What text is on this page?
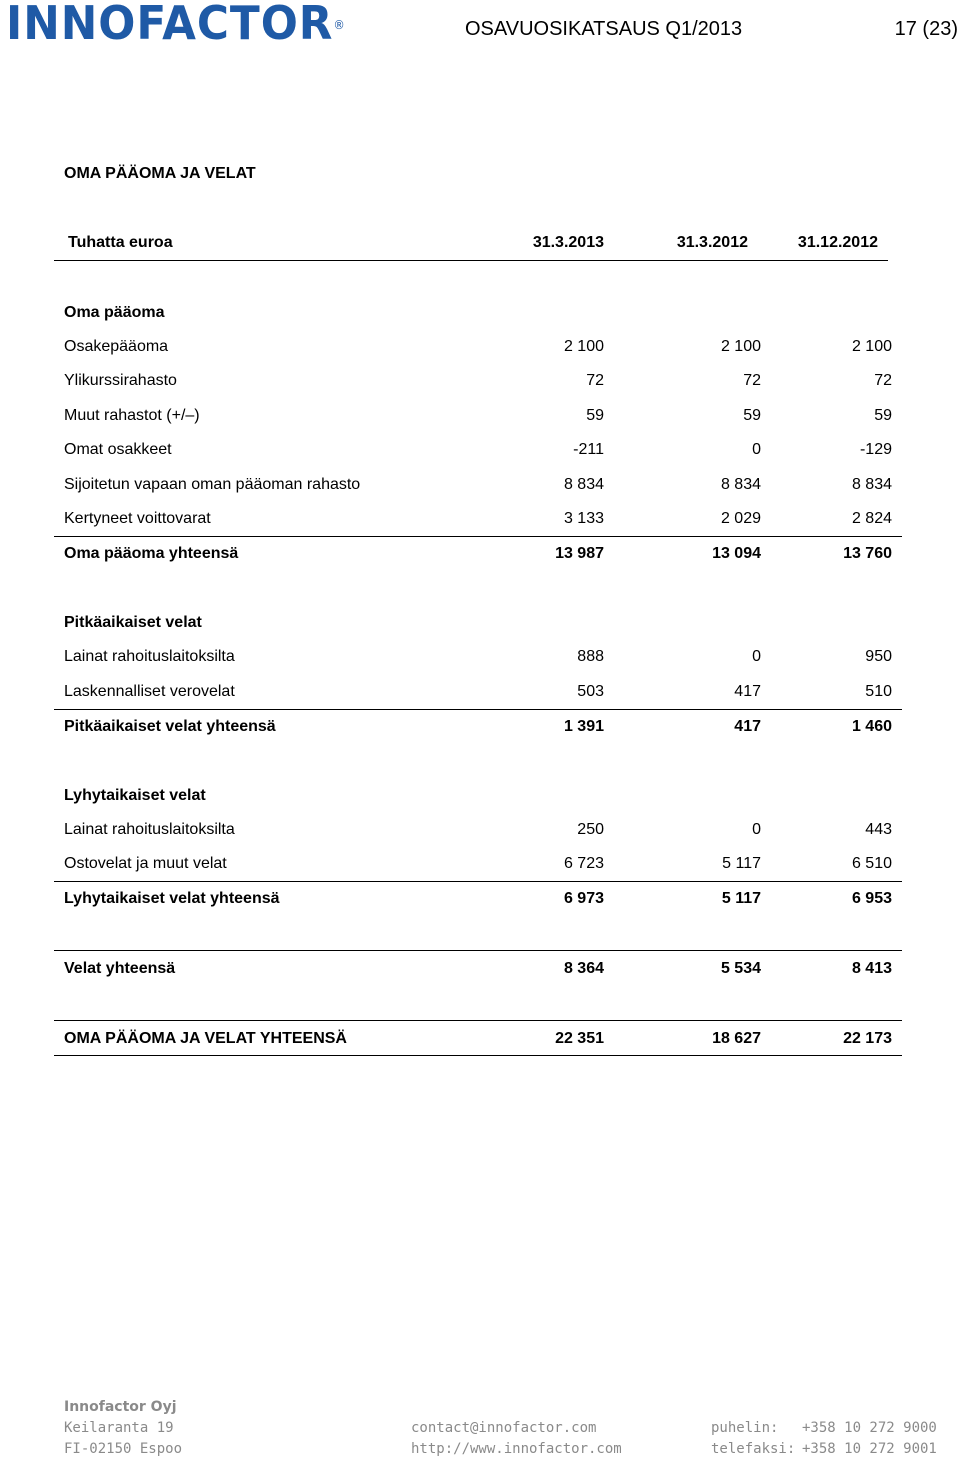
INNOFACTOR®	OSAVUOSIKATSAUS Q1/2013	17 (23)
OMA PÄÄOMA JA VELAT
Tuhatta euroa	31.3.2013	31.3.2012	31.12.2012
Oma pääoma
Osakepääoma	2 100	2 100	2 100
Ylikurssirahasto	72	72	72
Muut rahastot (+/–)	59	59	59
Omat osakkeet	-211	0	-129
Sijoitetun vapaan oman pääoman rahasto	8 834	8 834	8 834
Kertyneet voittovarat	3 133	2 029	2 824
Oma pääoma yhteensä	13 987	13 094	13 760
Pitkäaikaiset velat
Lainat rahoituslaitoksilta	888	0	950
Laskennalliset verovelat	503	417	510
Pitkäaikaiset velat yhteensä	1 391	417	1 460
Lyhytaikaiset velat
Lainat rahoituslaitoksilta	250	0	443
Ostovelat ja muut velat	6 723	5 117	6 510
Lyhytaikaiset velat yhteensä	6 973	5 117	6 953
Velat yhteensä	8 364	5 534	8 413
OMA PÄÄOMA JA VELAT YHTEENSÄ	22 351	18 627	22 173
Innofactor Oyj
Keilaranta 19
FI-02150 Espoo
contact@innofactor.com
http://www.innofactor.com
puhelin: +358 10 272 9000
telefaksi: +358 10 272 9001
